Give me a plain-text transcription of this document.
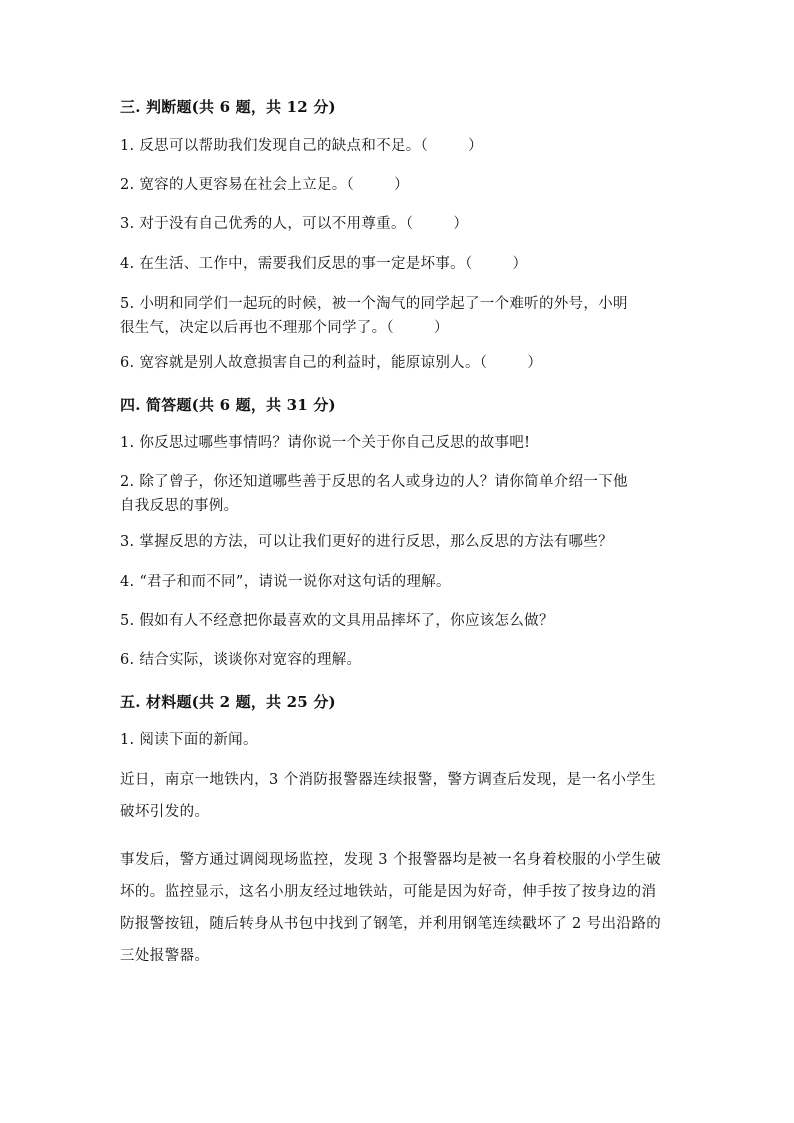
三. 判断题(共 6 题，共 12 分)
1. 反思可以帮助我们发现自己的缺点和不足。（	）
2. 宽容的人更容易在社会上立足。（	）
3. 对于没有自己优秀的人，可以不用尊重。（	）
4. 在生活、工作中，需要我们反思的事一定是坏事。（	）
5. 小明和同学们一起玩的时候，被一个淘气的同学起了一个难听的外号，小明
很生气，决定以后再也不理那个同学了。（	）
6. 宽容就是别人故意损害自己的利益时，能原谅别人。（	）
四. 简答题(共 6 题，共 31 分)
1. 你反思过哪些事情吗？请你说一个关于你自己反思的故事吧!
2. 除了曾子，你还知道哪些善于反思的名人或身边的人？请你简单介绍一下他
自我反思的事例。
3. 掌握反思的方法，可以让我们更好的进行反思，那么反思的方法有哪些？
4. “君子和而不同”，请说一说你对这句话的理解。
5. 假如有人不经意把你最喜欢的文具用品摔坏了，你应该怎么做？
6. 结合实际，谈谈你对宽容的理解。
五. 材料题(共 2 题，共 25 分)
1. 阅读下面的新闻。
近日，南京一地铁内，3 个消防报警器连续报警，警方调查后发现，是一名小学生破坏引发的。
事发后，警方通过调阅现场监控，发现 3 个报警器均是被一名身着校服的小学生破坏的。监控显示，这名小朋友经过地铁站，可能是因为好奇，伸手按了按身边的消防报警按钮，随后转身从书包中找到了钢笔，并利用钢笔连续戳坏了 2 号出沿路的三处报警器。
